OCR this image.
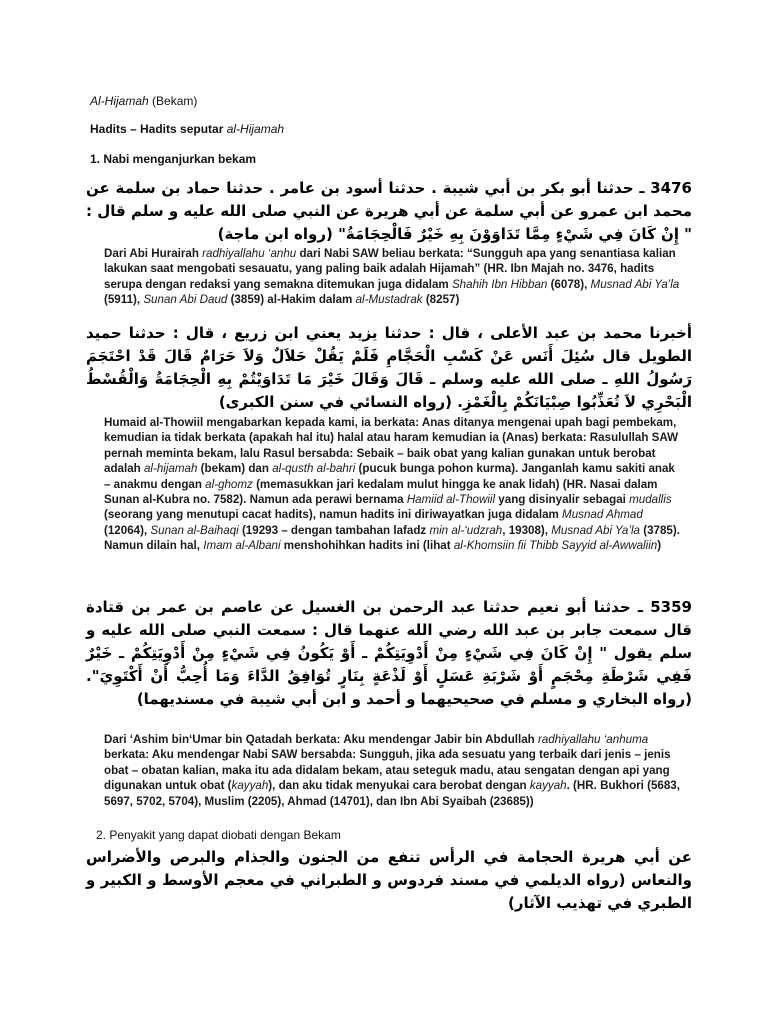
Al-Hijamah (Bekam)
Hadits – Hadits seputar al-Hijamah
1. Nabi menganjurkan bekam
3476 ـ حدثنا أبو بكر بن أبي شيبة . حدثنا أسود بن عامر . حدثنا حماد بن سلمة عن محمد ابن عمرو عن أبي سلمة عن أبي هريرة عن النبي صلى الله عليه و سلم قال : " إِنْ كَانَ فِي شَيْءٍ مِمَّا تَدَاوَوْنَ بِهِ خَيْرٌ فَالْحِجَامَةُ" (رواه ابن ماجة)
Dari Abi Hurairah radhiyallahu ‘anhu dari Nabi SAW beliau berkata: “Sungguh apa yang senantiasa kalian lakukan saat mengobati sesauatu, yang paling baik adalah Hijamah” (HR. Ibn Majah no. 3476, hadits serupa dengan redaksi yang semakna ditemukan juga didalam Shahih Ibn Hibban (6078), Musnad Abi Ya’la (5911), Sunan Abi Daud (3859) al-Hakim dalam al-Mustadrak (8257)
أخبرنا محمد بن عبد الأعلى ، قال : حدثنا يزيد يعني ابن زريع ، قال : حدثنا حميد الطويل قال سُئِلَ أَنَس عَنْ كَسْبِ الْحَجَّامِ فَلَمْ يَقُلْ حَلاَلٌ وَلاَ حَرَامٌ قَالَ قَدْ احْتَجَمَ رَسُولُ اللهِ ـ صلى الله عليه وسلم ـ قَالَ وَقَالَ خَيْرَ مَا تَدَاوَيْتُمْ بِهِ الْحِجَامَةُ وَالْقُسْطُ الْبَحْرِي لاَ تُعَذِّبُوا صِبْيَانَكُمْ بِالْغَمْزِ. (رواه النسائي في سنن الكبرى)
Humaid al-Thowiil mengabarkan kepada kami, ia berkata: Anas ditanya mengenai upah bagi pembekam, kemudian ia tidak berkata (apakah hal itu) halal atau haram kemudian ia (Anas) berkata: Rasulullah SAW pernah meminta bekam, lalu Rasul bersabda: Sebaik – baik obat yang kalian gunakan untuk berobat adalah al-hijamah (bekam) dan al-qusth al-bahri (pucuk bunga pohon kurma). Janganlah kamu sakiti anak – anakmu dengan al-ghomz (memasukkan jari kedalam mulut hingga ke anak lidah) (HR. Nasai dalam Sunan al-Kubra no. 7582). Namun ada perawi bernama Hamiid al-Thowiil yang disinyalir sebagai mudallis (seorang yang menutupi cacat hadits), namun hadits ini diriwayatkan juga didalam Musnad Ahmad (12064), Sunan al-Baihaqi (19293 – dengan tambahan lafadz min al-‘udzrah, 19308), Musnad Abi Ya’la (3785). Namun dilain hal, Imam al-Albani menshohihkan hadits ini (lihat al-Khomsiin fii Thibb Sayyid al-Awwaliin)
5359 ـ حدثنا أبو نعيم حدثنا عبد الرحمن بن الغسيل عن عاصم بن عمر بن قتادة قال سمعت جابر بن عبد الله رضي الله عنهما قال : سمعت النبي صلى الله عليه و سلم يقول " إِنْ كَانَ فِي شَيْءٍ مِنْ أَدْوِيَتِكُمْ ـ أَوْ يَكُونُ فِي شَيْءٍ مِنْ أَدْوِيَتِكُمْ ـ خَيْرٌ فَفِي شَرْطَةِ مِحْجَمٍ أَوْ شَرْبَةِ عَسَلٍ أَوْ لَذْعَةٍ بِنَارٍ تُوَافِقُ الدَّاءَ وَمَا أُحِبُّ أَنْ أَكْتَوِيَ". (رواه البخاري و مسلم في صحيحيهما و أحمد و ابن أبي شيبة في مسنديهما)
Dari ‘Ashim bin‘Umar bin Qatadah berkata: Aku mendengar Jabir bin Abdullah radhiyallahu ‘anhuma berkata: Aku mendengar Nabi SAW bersabda: Sungguh, jika ada sesuatu yang terbaik dari jenis – jenis obat – obatan kalian, maka itu ada didalam bekam, atau seteguk madu, atau sengatan dengan api yang digunakan untuk obat (kayyah), dan aku tidak menyukai cara berobat dengan kayyah. (HR. Bukhori (5683, 5697, 5702, 5704), Muslim (2205), Ahmad (14701), dan Ibn Abi Syaibah (23685))
2. Penyakit yang dapat diobati dengan Bekam
عن أبي هريرة الحجامة في الرأس تنفع من الجنون والجذام والبرص والأضراس والنعاس (رواه الديلمي في مسند فردوس و الطبراني في معجم الأوسط و الكبير و الطبري في تهذيب الآثار)
